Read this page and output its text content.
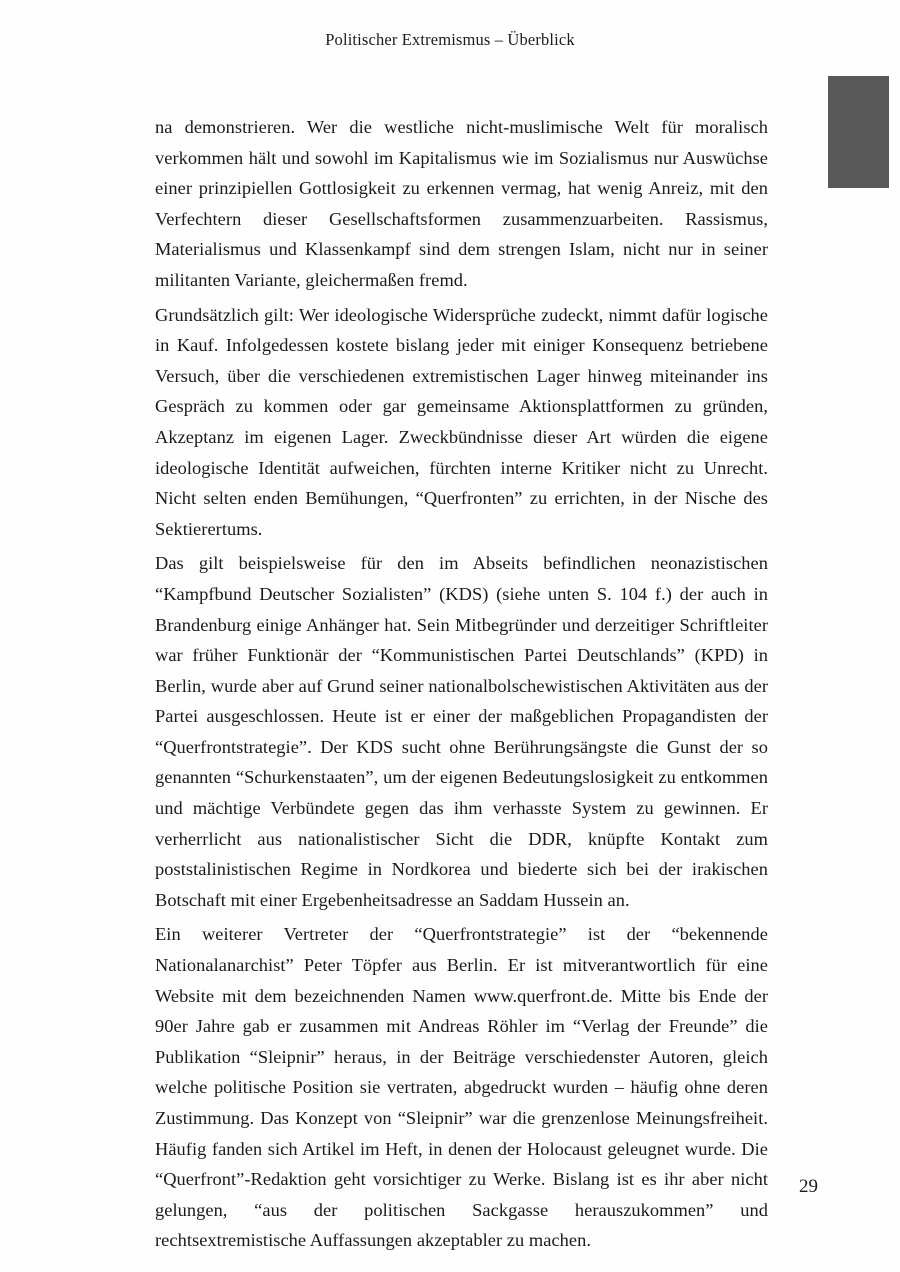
Politischer Extremismus – Überblick

na demonstrieren. Wer die westliche nicht-muslimische Welt für moralisch verkommen hält und sowohl im Kapitalismus wie im Sozialismus nur Auswüchse einer prinzipiellen Gottlosigkeit zu erkennen vermag, hat wenig Anreiz, mit den Verfechtern dieser Gesellschaftsformen zusammenzuarbeiten. Rassismus, Materialismus und Klassenkampf sind dem strengen Islam, nicht nur in seiner militanten Variante, gleichermaßen fremd.

Grundsätzlich gilt: Wer ideologische Widersprüche zudeckt, nimmt dafür logische in Kauf. Infolgedessen kostete bislang jeder mit einiger Konsequenz betriebene Versuch, über die verschiedenen extremistischen Lager hinweg miteinander ins Gespräch zu kommen oder gar gemeinsame Aktionsplattformen zu gründen, Akzeptanz im eigenen Lager. Zweckbündnisse dieser Art würden die eigene ideologische Identität aufweichen, fürchten interne Kritiker nicht zu Unrecht. Nicht selten enden Bemühungen, “Querfronten” zu errichten, in der Nische des Sektierertums.

Das gilt beispielsweise für den im Abseits befindlichen neonazistischen “Kampfbund Deutscher Sozialisten” (KDS) (siehe unten S. 104 f.) der auch in Brandenburg einige Anhänger hat. Sein Mitbegründer und derzeitiger Schriftleiter war früher Funktionär der “Kommunistischen Partei Deutschlands” (KPD) in Berlin, wurde aber auf Grund seiner nationalbolschewistischen Aktivitäten aus der Partei ausgeschlossen. Heute ist er einer der maßgeblichen Propagandisten der “Querfrontstrategie”. Der KDS sucht ohne Berührungsängste die Gunst der so genannten “Schurkenstaaten”, um der eigenen Bedeutungslosigkeit zu entkommen und mächtige Verbündete gegen das ihm verhasste System zu gewinnen. Er verherrlicht aus nationalistischer Sicht die DDR, knüpfte Kontakt zum poststalinistischen Regime in Nordkorea und biederte sich bei der irakischen Botschaft mit einer Ergebenheitsadresse an Saddam Hussein an.

Ein weiterer Vertreter der “Querfrontstrategie” ist der “bekennende Nationalanarchist” Peter Töpfer aus Berlin. Er ist mitverantwortlich für eine Website mit dem bezeichnenden Namen www.querfront.de. Mitte bis Ende der 90er Jahre gab er zusammen mit Andreas Röhler im “Verlag der Freunde” die Publikation “Sleipnir” heraus, in der Beiträge verschiedenster Autoren, gleich welche politische Position sie vertraten, abgedruckt wurden – häufig ohne deren Zustimmung. Das Konzept von “Sleipnir” war die grenzenlose Meinungsfreiheit. Häufig fanden sich Artikel im Heft, in denen der Holocaust geleugnet wurde. Die “Querfront”-Redaktion geht vorsichtiger zu Werke. Bislang ist es ihr aber nicht gelungen, “aus der politischen Sackgasse herauszukommen” und rechtsextremistische Auffassungen akzeptabler zu machen.

29
